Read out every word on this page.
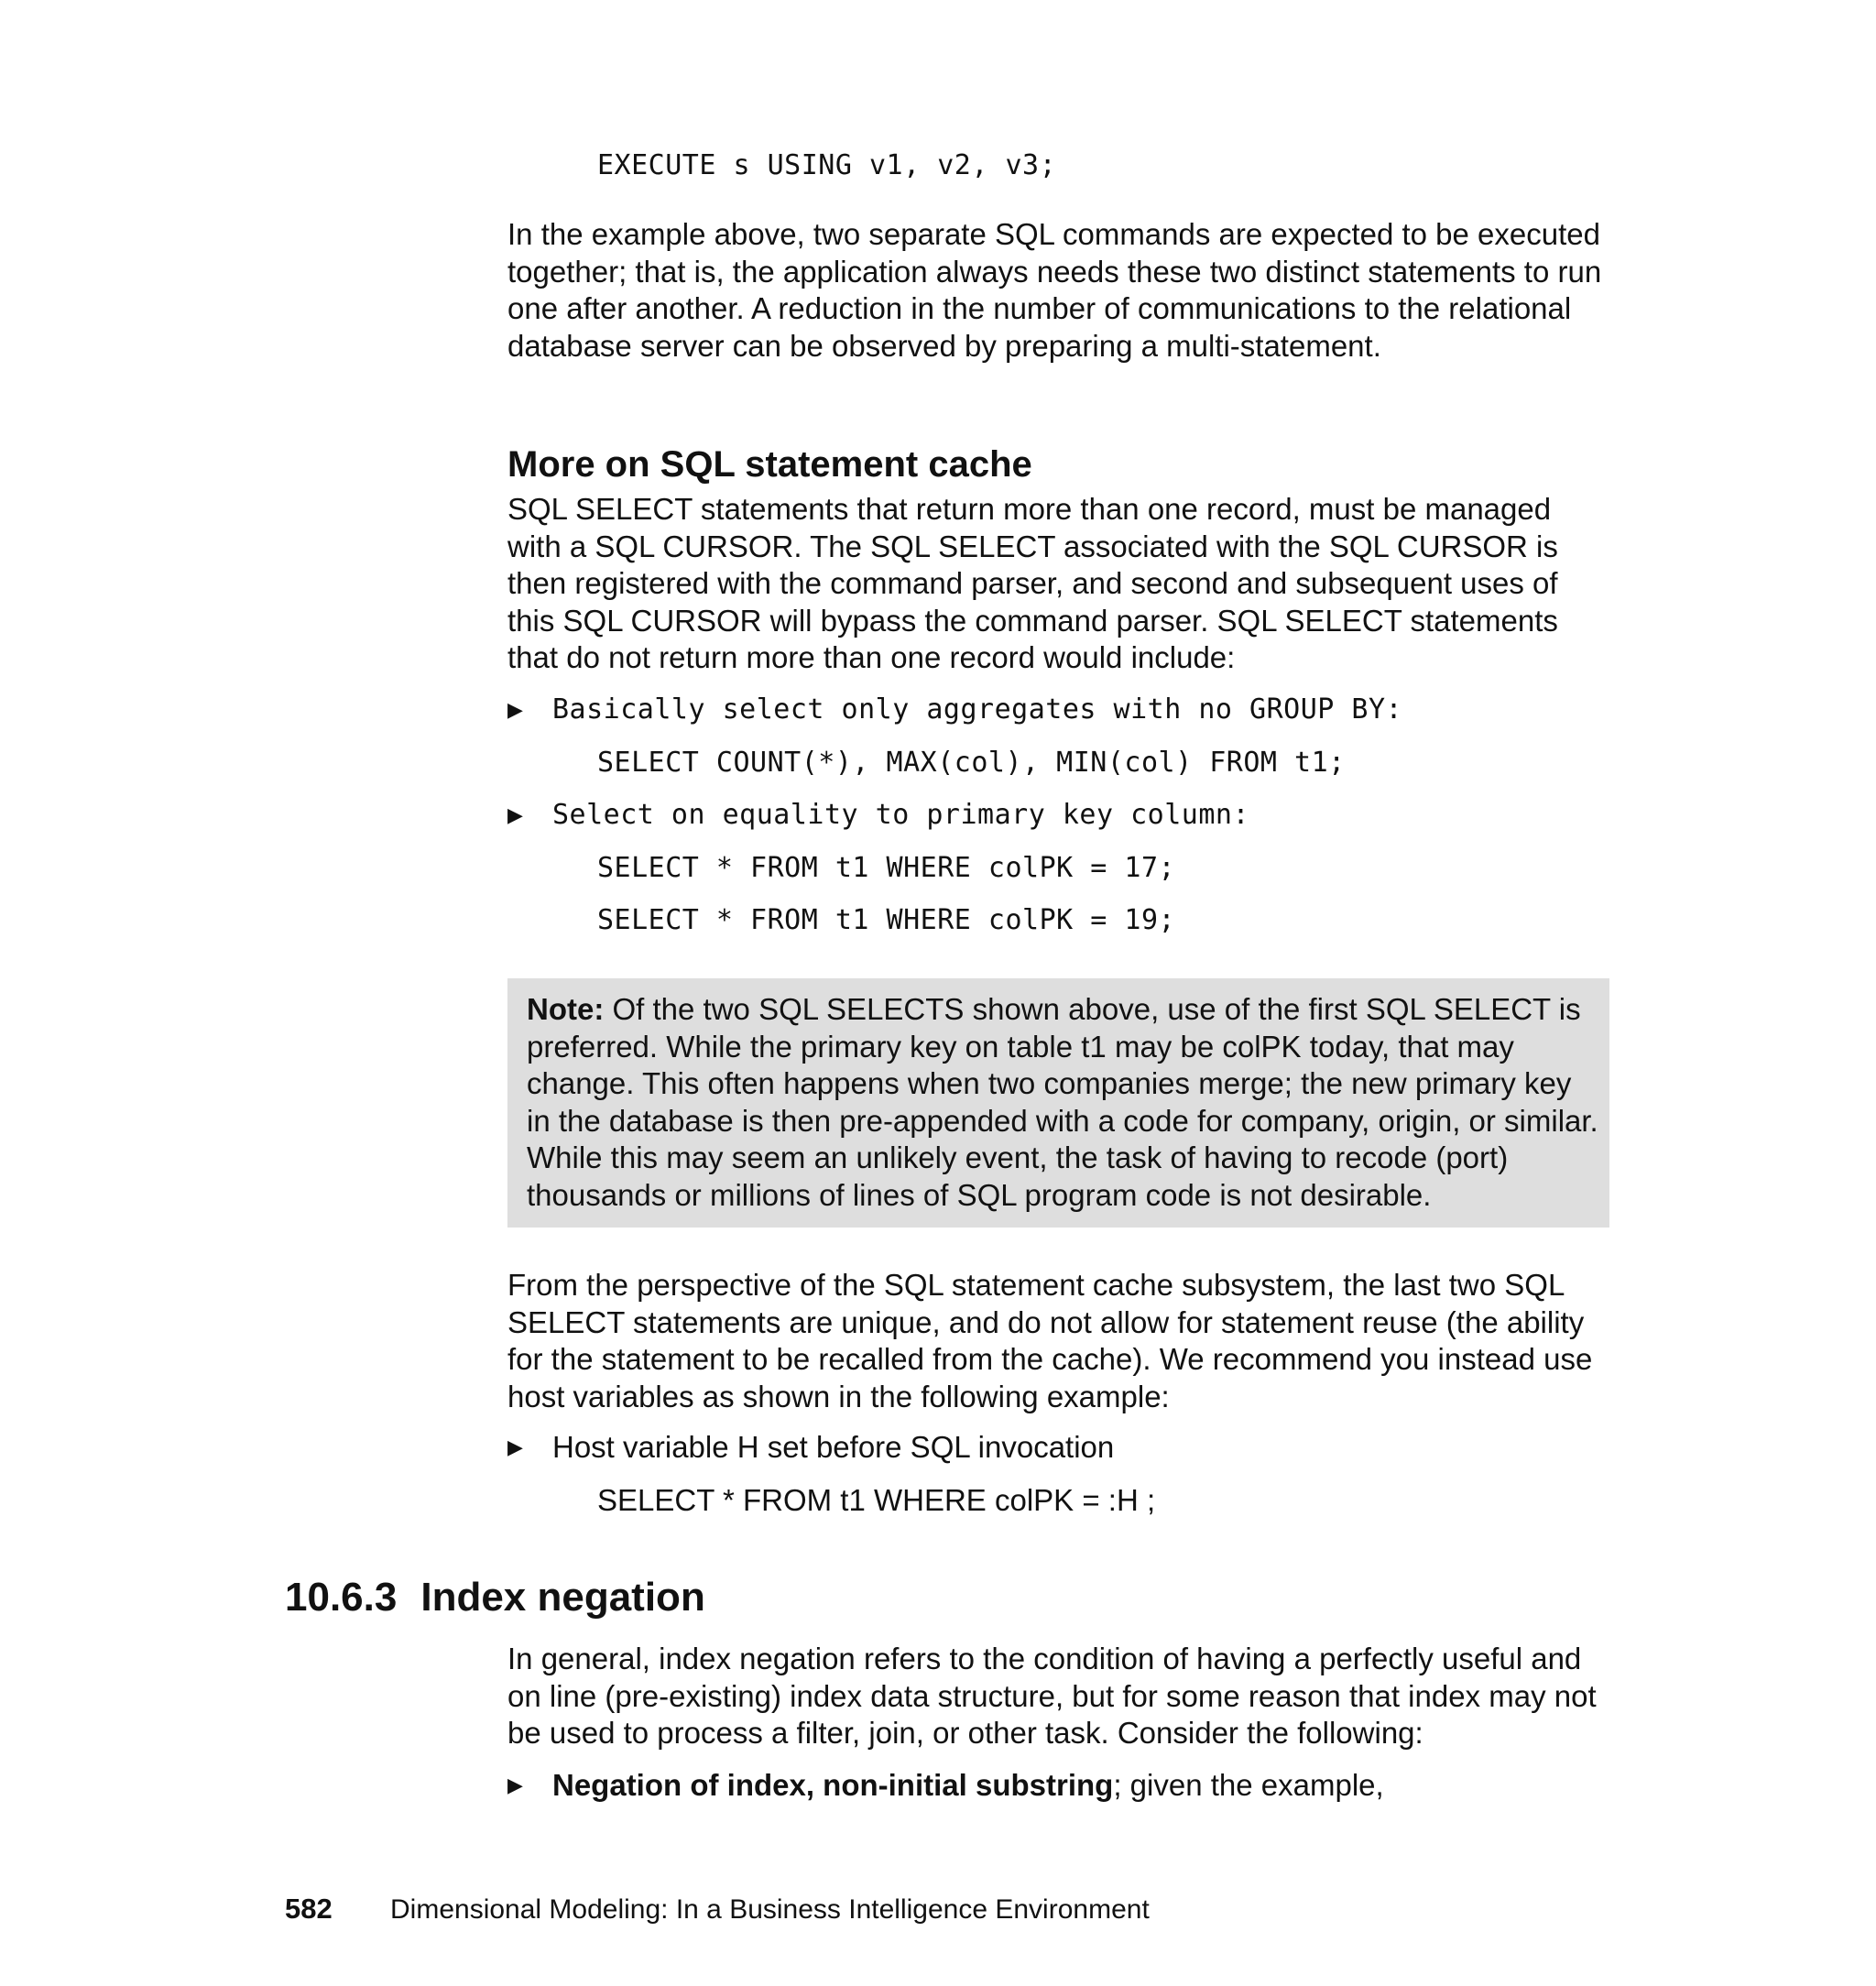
EXECUTE s USING v1, v2, v3;
In the example above, two separate SQL commands are expected to be executed together; that is, the application always needs these two distinct statements to run one after another. A reduction in the number of communications to the relational database server can be observed by preparing a multi-statement.
More on SQL statement cache
SQL SELECT statements that return more than one record, must be managed with a SQL CURSOR. The SQL SELECT associated with the SQL CURSOR is then registered with the command parser, and second and subsequent uses of this SQL CURSOR will bypass the command parser. SQL SELECT statements that do not return more than one record would include:
▶ Basically select only aggregates with no GROUP BY:
SELECT COUNT(*), MAX(col), MIN(col) FROM t1;
▶ Select on equality to primary key column:
SELECT * FROM t1 WHERE colPK = 17;
SELECT * FROM t1 WHERE colPK = 19;
Note: Of the two SQL SELECTS shown above, use of the first SQL SELECT is preferred. While the primary key on table t1 may be colPK today, that may change. This often happens when two companies merge; the new primary key in the database is then pre-appended with a code for company, origin, or similar. While this may seem an unlikely event, the task of having to recode (port) thousands or millions of lines of SQL program code is not desirable.
From the perspective of the SQL statement cache subsystem, the last two SQL SELECT statements are unique, and do not allow for statement reuse (the ability for the statement to be recalled from the cache). We recommend you instead use host variables as shown in the following example:
▶ Host variable H set before SQL invocation
SELECT * FROM t1 WHERE colPK = :H ;
10.6.3 Index negation
In general, index negation refers to the condition of having a perfectly useful and on line (pre-existing) index data structure, but for some reason that index may not be used to process a filter, join, or other task. Consider the following:
▶ Negation of index, non-initial substring; given the example,
582 Dimensional Modeling: In a Business Intelligence Environment
